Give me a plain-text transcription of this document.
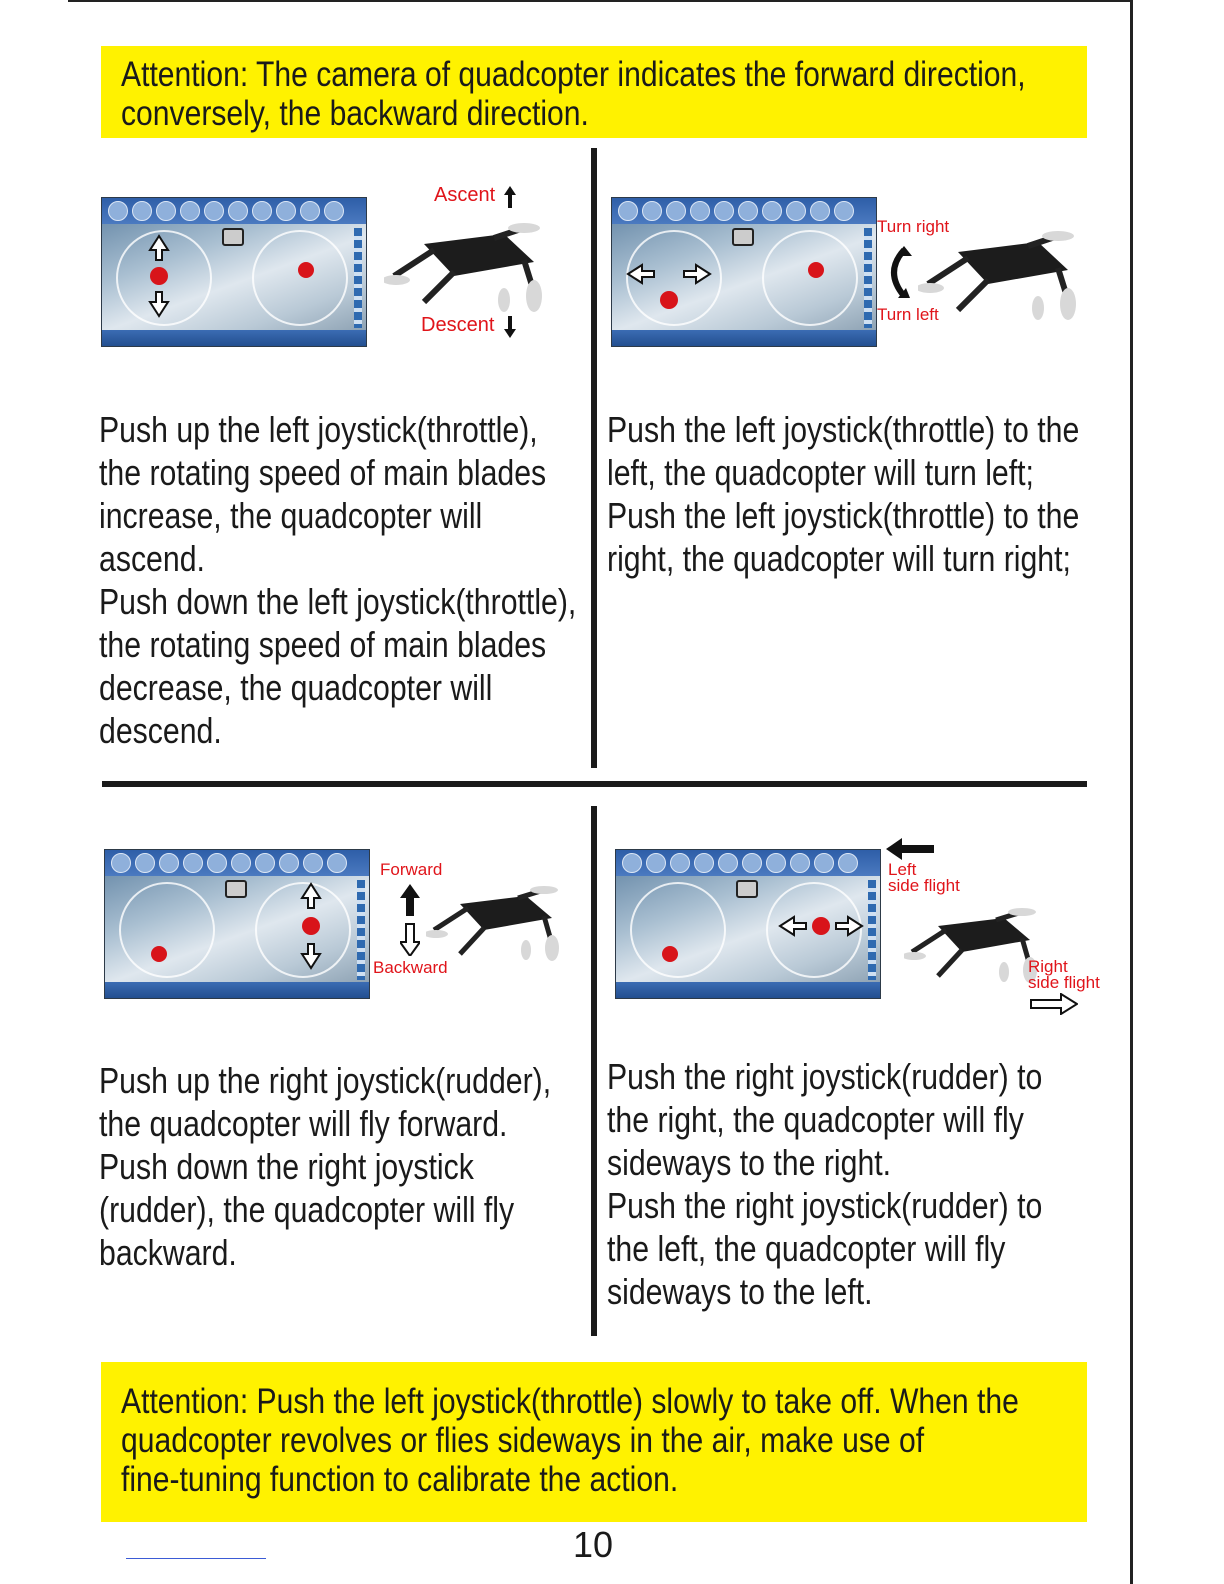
Attention: The camera of quadcopter indicates the forward direction,

conversely, the backward direction.

Ascent
Descent
Turn right
Turn left

Push up the left joystick(throttle),
the rotating speed of main blades
increase, the quadcopter will
ascend.
Push down the left joystick(throttle),
the rotating speed of main blades
decrease, the quadcopter will
descend.

Push the left joystick(throttle) to the
left, the quadcopter will turn left;
Push the left joystick(throttle) to the
right, the quadcopter will turn right;

Forward
Backward
Left
side flight
Right
side flight

Push up the right joystick(rudder),
the quadcopter will fly forward.
Push down the right joystick
(rudder), the quadcopter will fly
backward.

Push the right joystick(rudder) to
the right, the quadcopter will fly
sideways to the right.
Push the right joystick(rudder) to
the left, the quadcopter will fly
sideways to the left.

Attention: Push the left joystick(throttle) slowly to take off. When the

quadcopter revolves or flies sideways in the air, make use of

fine-tuning function to calibrate the action.

10
